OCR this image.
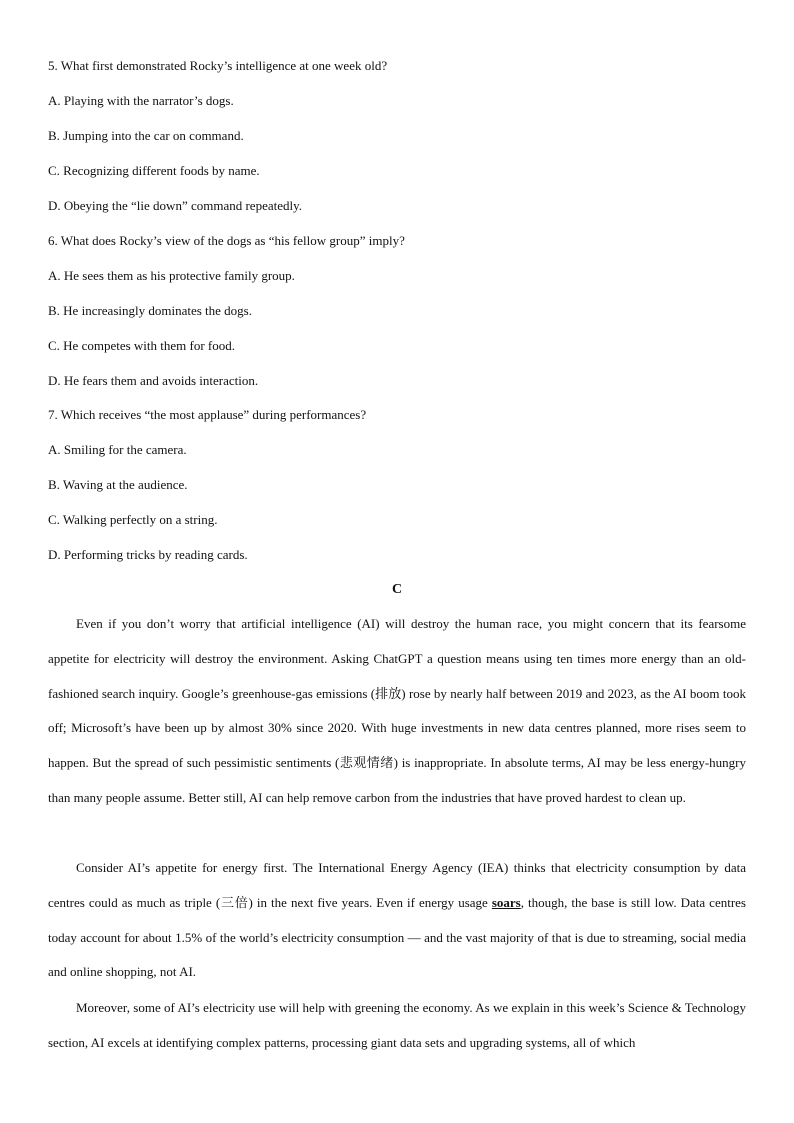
5. What first demonstrated Rocky’s intelligence at one week old?
A. Playing with the narrator’s dogs.
B. Jumping into the car on command.
C. Recognizing different foods by name.
D. Obeying the “lie down” command repeatedly.
6. What does Rocky’s view of the dogs as “his fellow group” imply?
A. He sees them as his protective family group.
B. He increasingly dominates the dogs.
C. He competes with them for food.
D. He fears them and avoids interaction.
7. Which receives “the most applause” during performances?
A. Smiling for the camera.
B. Waving at the audience.
C. Walking perfectly on a string.
D. Performing tricks by reading cards.
C

Even if you don’t worry that artificial intelligence (AI) will destroy the human race, you might concern that its fearsome appetite for electricity will destroy the environment. Asking ChatGPT a question means using ten times more energy than an old-fashioned search inquiry. Google’s greenhouse-gas emissions (排放) rose by nearly half between 2019 and 2023, as the AI boom took off; Microsoft’s have been up by almost 30% since 2020. With huge investments in new data centres planned, more rises seem to happen. But the spread of such pessimistic sentiments (悲观情绪) is inappropriate. In absolute terms, AI may be less energy-hungry than many people assume. Better still, AI can help remove carbon from the industries that have proved hardest to clean up.

Consider AI’s appetite for energy first. The International Energy Agency (IEA) thinks that electricity consumption by data centres could as much as triple (三倍) in the next five years. Even if energy usage soars, though, the base is still low. Data centres today account for about 1.5% of the world’s electricity consumption — and the vast majority of that is due to streaming, social media and online shopping, not AI.

Moreover, some of AI’s electricity use will help with greening the economy. As we explain in this week’s Science & Technology section, AI excels at identifying complex patterns, processing giant data sets and upgrading systems, all of which
